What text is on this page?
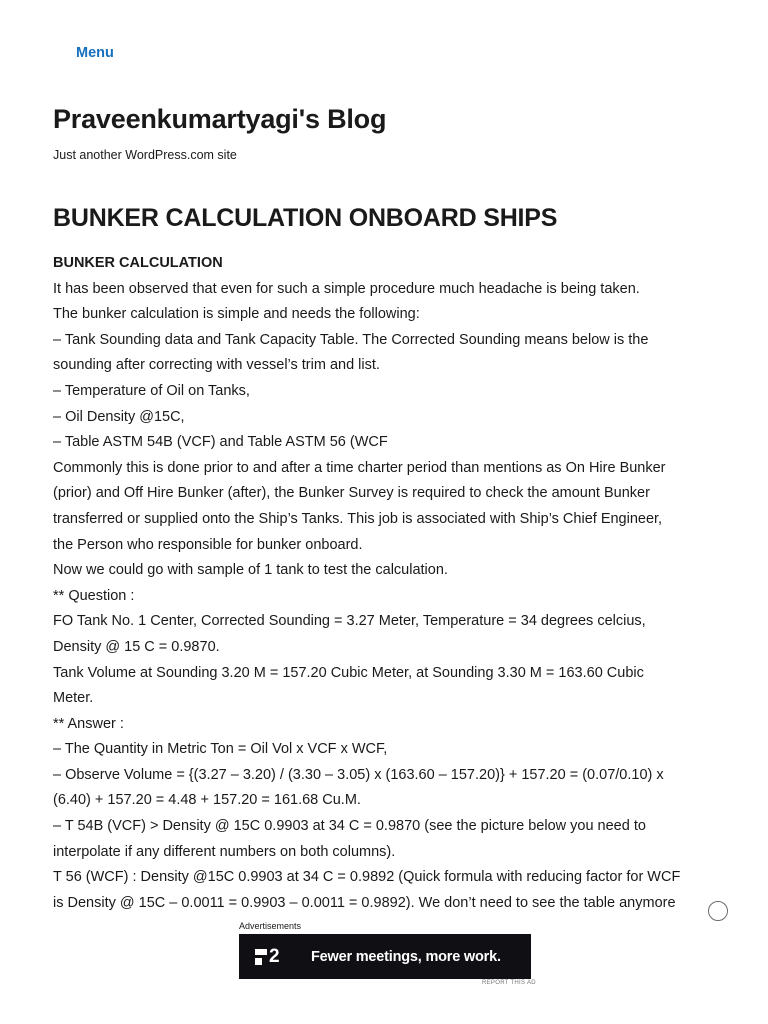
Menu
Praveenkumartyagi's Blog
Just another WordPress.com site
BUNKER CALCULATION ONBOARD SHIPS
BUNKER CALCULATION
It has been observed that even for such a simple procedure much headache is being taken.
The bunker calculation is simple and needs the following:
– Tank Sounding data and Tank Capacity Table. The Corrected Sounding means below is the
sounding after correcting with vessel’s trim and list.
– Temperature of Oil on Tanks,
– Oil Density @15C,
– Table ASTM 54B (VCF) and Table ASTM 56 (WCF
Commonly this is done prior to and after a time charter period than mentions as On Hire Bunker
(prior) and Off Hire Bunker (after), the Bunker Survey is required to check the amount Bunker
transferred or supplied onto the Ship’s Tanks. This job is associated with Ship’s Chief Engineer,
the Person who responsible for bunker onboard.
Now we could go with sample of 1 tank to test the calculation.
** Question :
FO Tank No. 1 Center, Corrected Sounding = 3.27 Meter, Temperature = 34 degrees celcius,
Density @ 15 C = 0.9870.
Tank Volume at Sounding 3.20 M = 157.20 Cubic Meter, at Sounding 3.30 M = 163.60 Cubic
Meter.
** Answer :
– The Quantity in Metric Ton = Oil Vol x VCF x WCF,
– Observe Volume = {(3.27 – 3.20) / (3.30 – 3.05) x (163.60 – 157.20)} + 157.20 = (0.07/0.10) x
(6.40) + 157.20 = 4.48 + 157.20 = 161.68 Cu.M.
– T 54B (VCF) > Density @ 15C 0.9903 at 34 C = 0.9870 (see the picture below you need to
interpolate if any different numbers on both columns).
T 56 (WCF) : Density @15C 0.9903 at 34 C = 0.9892 (Quick formula with reducing factor for WCF
is Density @ 15C – 0.0011 = 0.9903 – 0.0011 = 0.9892). We don’t need to see the table anymore
Advertisements
2 Fewer meetings, more work.
REPORT THIS AD
